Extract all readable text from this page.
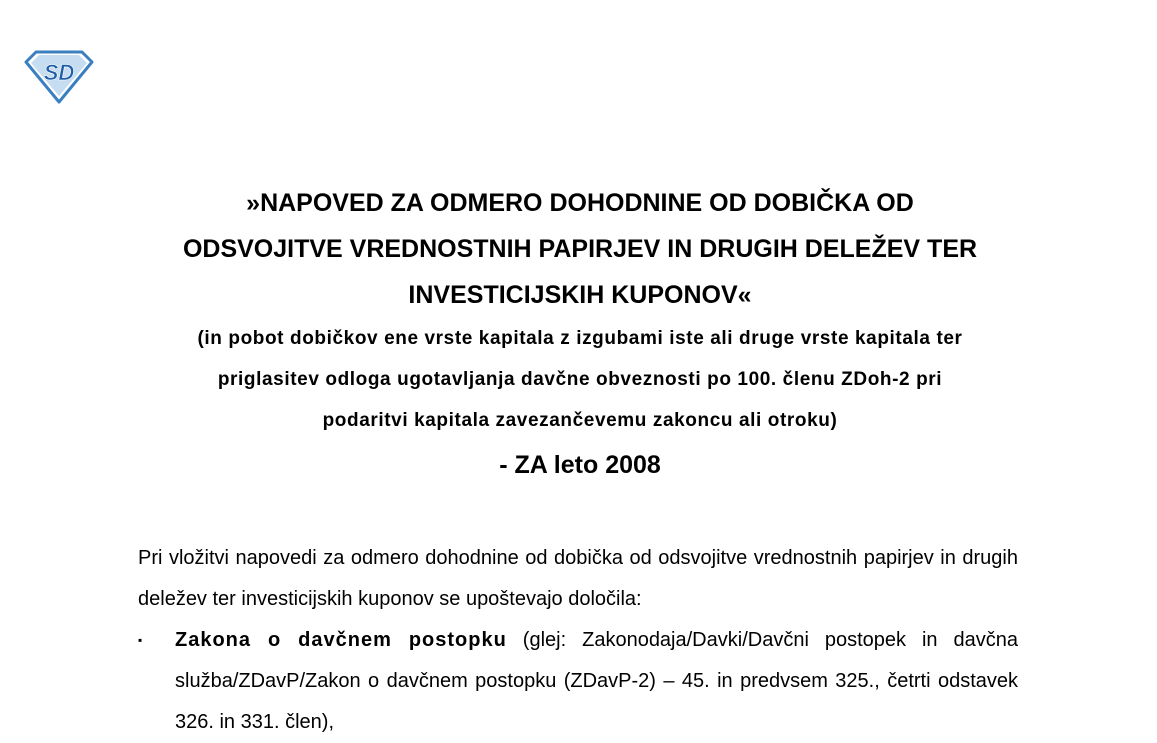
SD
»NAPOVED ZA ODMERO DOHODNINE OD DOBIČKA OD
ODSVOJITVE VREDNOSTNIH PAPIRJEV IN DRUGIH DELEŽEV TER
INVESTICIJSKIH KUPONOV«
(in pobot dobičkov ene vrste kapitala z izgubami iste ali druge vrste kapitala ter
priglasitev odloga ugotavljanja davčne obveznosti po 100. členu ZDoh-2 pri
podaritvi kapitala zavezančevemu zakoncu ali otroku)
- ZA leto 2008
Pri vložitvi napovedi za odmero dohodnine od dobička od odsvojitve vrednostnih papirjev in drugih deležev ter investicijskih kuponov se upoštevajo določila:
▪ Zakona o davčnem postopku (glej: Zakonodaja/Davki/Davčni postopek in davčna služba/ZDavP/Zakon o davčnem postopku (ZDavP-2) – 45. in predvsem 325., četrti odstavek 326. in 331. člen),
